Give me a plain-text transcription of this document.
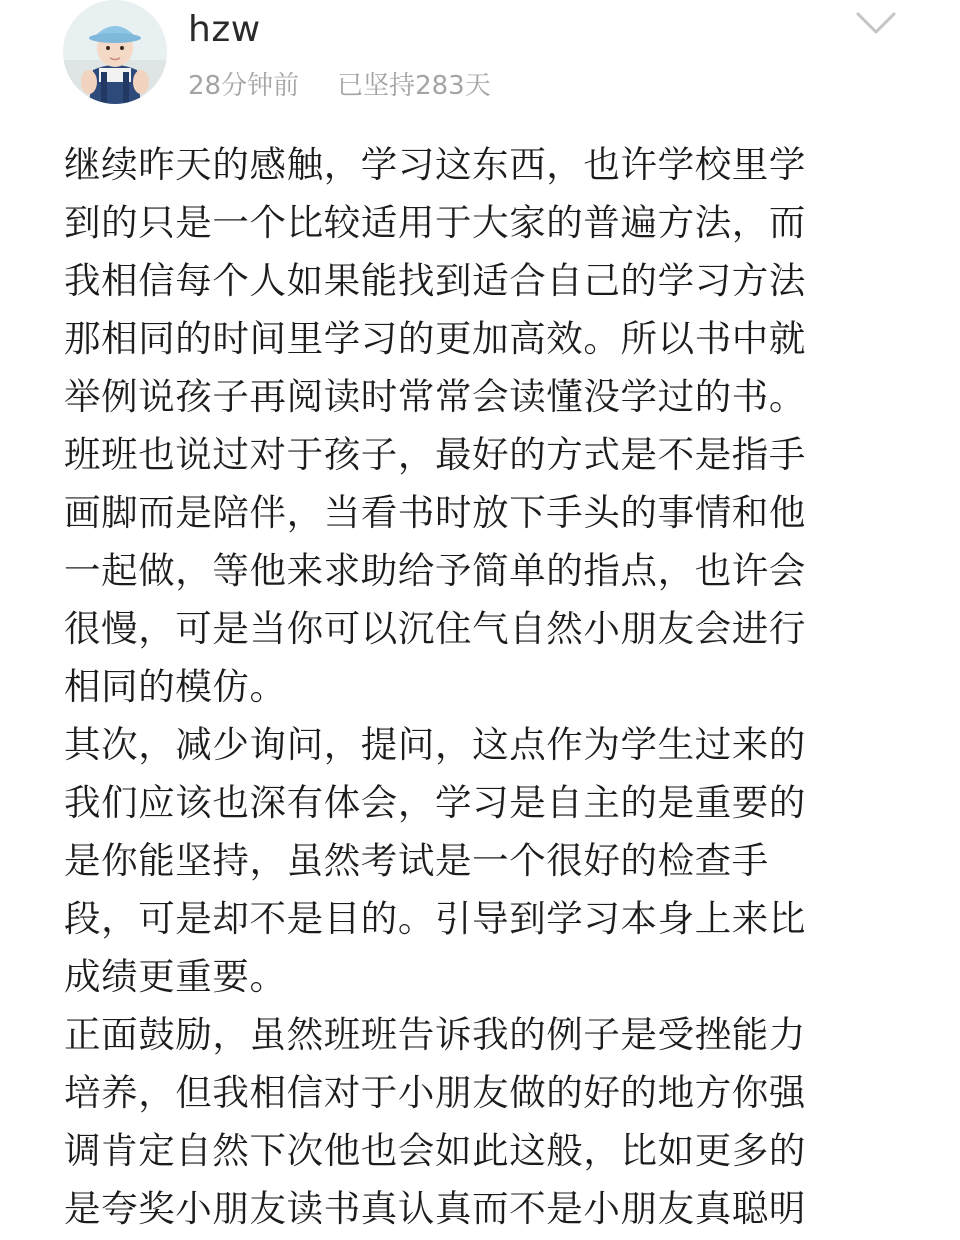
hzw
28分钟前 已坚持283天
继续昨天的感触，学习这东西，也许学校里学
到的只是一个比较适用于大家的普遍方法，而
我相信每个人如果能找到适合自己的学习方法
那相同的时间里学习的更加高效。所以书中就
举例说孩子再阅读时常常会读懂没学过的书。
班班也说过对于孩子，最好的方式是不是指手
画脚而是陪伴，当看书时放下手头的事情和他
一起做，等他来求助给予简单的指点，也许会
很慢，可是当你可以沉住气自然小朋友会进行
相同的模仿。
其次，减少询问，提问，这点作为学生过来的
我们应该也深有体会，学习是自主的是重要的
是你能坚持，虽然考试是一个很好的检查手
段，可是却不是目的。引导到学习本身上来比
成绩更重要。
正面鼓励，虽然班班告诉我的例子是受挫能力
培养，但我相信对于小朋友做的好的地方你强
调肯定自然下次他也会如此这般，比如更多的
是夸奖小朋友读书真认真而不是小朋友真聪明
